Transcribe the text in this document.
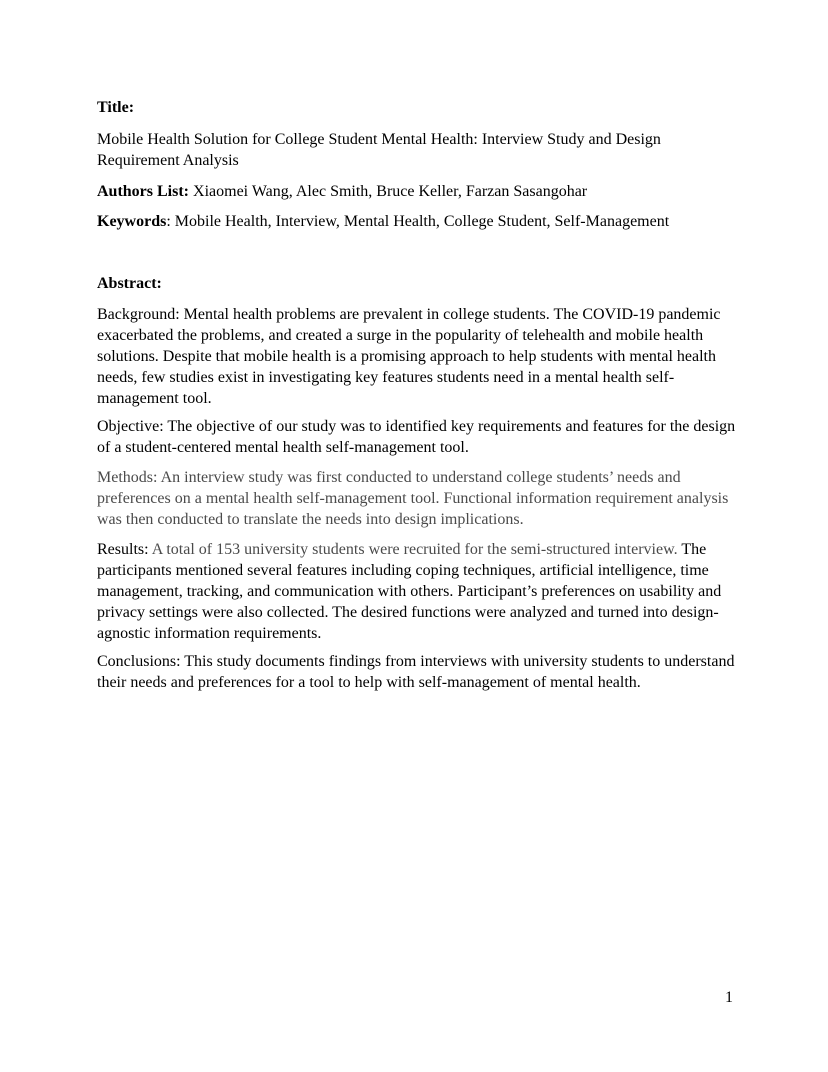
Title:

Mobile Health Solution for College Student Mental Health: Interview Study and Design Requirement Analysis

Authors List: Xiaomei Wang, Alec Smith, Bruce Keller, Farzan Sasangohar

Keywords: Mobile Health, Interview, Mental Health, College Student, Self-Management

Abstract:

Background: Mental health problems are prevalent in college students. The COVID-19 pandemic exacerbated the problems, and created a surge in the popularity of telehealth and mobile health solutions. Despite that mobile health is a promising approach to help students with mental health needs, few studies exist in investigating key features students need in a mental health self-management tool.

Objective: The objective of our study was to identified key requirements and features for the design of a student-centered mental health self-management tool.

Methods: An interview study was first conducted to understand college students’ needs and preferences on a mental health self-management tool. Functional information requirement analysis was then conducted to translate the needs into design implications.

Results: A total of 153 university students were recruited for the semi-structured interview. The participants mentioned several features including coping techniques, artificial intelligence, time management, tracking, and communication with others. Participant’s preferences on usability and privacy settings were also collected. The desired functions were analyzed and turned into design-agnostic information requirements.

Conclusions: This study documents findings from interviews with university students to understand their needs and preferences for a tool to help with self-management of mental health.

1
